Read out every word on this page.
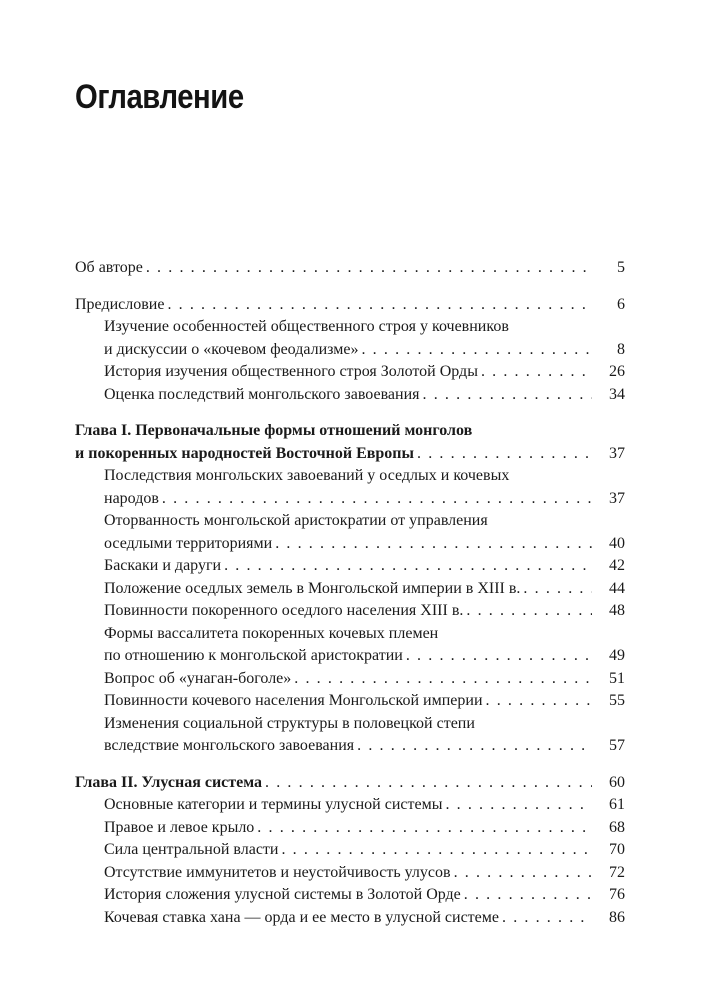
Оглавление
Об авторе . . .	5
Предисловие . . .	6
Изучение особенностей общественного строя у кочевников
и дискуссии о «кочевом феодализме» . . .	8
История изучения общественного строя Золотой Орды . . .	26
Оценка последствий монгольского завоевания . . .	34
Глава I. Первоначальные формы отношений монголов
и покоренных народностей Восточной Европы . . .	37
Последствия монгольских завоеваний у оседлых и кочевых
народов . . .	37
Оторванность монгольской аристократии от управления
оседлыми территориями . . .	40
Баскаки и даруги . . .	42
Положение оседлых земель в Монгольской империи в XIII в. . . .	44
Повинности покоренного оседлого населения XIII в. . . .	48
Формы вассалитета покоренных кочевых племен
по отношению к монгольской аристократии . . .	49
Вопрос об «унаган-боголе» . . .	51
Повинности кочевого населения Монгольской империи . . .	55
Изменения социальной структуры в половецкой степи
вследствие монгольского завоевания . . .	57
Глава II. Улусная система . . .	60
Основные категории и термины улусной системы . . .	61
Правое и левое крыло . . .	68
Сила центральной власти . . .	70
Отсутствие иммунитетов и неустойчивость улусов . . .	72
История сложения улусной системы в Золотой Орде . . .	76
Кочевая ставка хана — орда и ее место в улусной системе . . .	86
